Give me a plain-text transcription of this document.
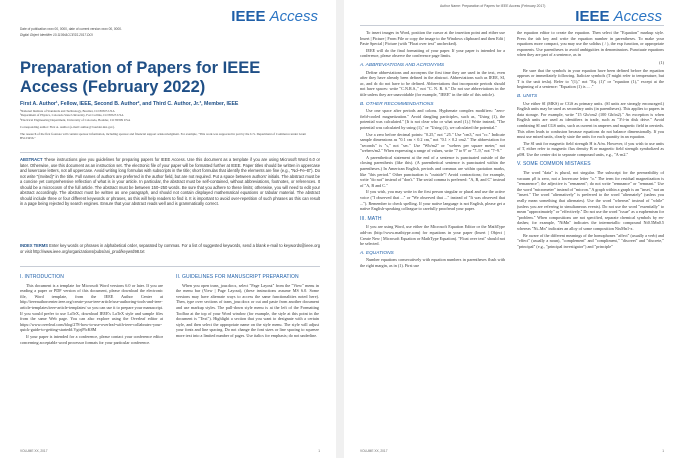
IEEE Access
Date of publication xxxx 00, 0000, date of current version xxxx 00, 0000.
Digital Object Identifier 10.1109/ACCESS.2017.DOI
Preparation of Papers for IEEE Access (February 2022)
First A. Author¹, Fellow, IEEE, Second B. Author², and Third C. Author, Jr.³, Member, IEEE
¹National Institute of Standards and Technology, Boulder, CO 80305 USA
²Department of Physics, Colorado State University, Fort Collins, CO 80523 USA
³Electrical Engineering Department, University of Colorado, Boulder, CO 80309 USA
Corresponding author: First A. Author (e-mail: author@ boulder.nist.gov).
The research of the first footnote will contain sponsor information, including sponsor and financial support acknowledgment. For example, "This work was supported in part by the U.S. Department of Commerce under Grant BS123456."
ABSTRACT These instructions give you guidelines for preparing papers for IEEE Access. Use this document as a template if you are using Microsoft Word 6.0 or later. Otherwise, use this document as an instruction set. The electronic file of your paper will be formatted further at IEEE. Paper titles should be written in uppercase and lowercase letters, not all uppercase. Avoid writing long formulas with subscripts in the title; short formulas that identify the elements are fine (e.g., "Nd–Fe–B"). Do not write "(Invited)" in the title. Full names of authors are preferred in the author field, but are not required. Put a space between authors' initials. The abstract must be a concise yet comprehensive reflection of what is in your article. In particular, the abstract must be self-contained, without abbreviations, footnotes, or references. It should be a microcosm of the full article. The abstract must be between 150–250 words. Be sure that you adhere to these limits; otherwise, you will need to edit your abstract accordingly. The abstract must be written as one paragraph, and should not contain displayed mathematical equations or tabular material. The abstract should include three or four different keywords or phrases, as this will help readers to find it. It is important to avoid over-repetition of such phrases as this can result in a page being rejected by search engines. Ensure that your abstract reads well and is grammatically correct.
INDEX TERMS Enter key words or phrases in alphabetical order, separated by commas. For a list of suggested keywords, send a blank e-mail to keywords@ieee.org or visit http://www.ieee.org/organizations/pubs/ani_prod/keywrd98.txt
I. INTRODUCTION

This document is a template for Microsoft Word versions 6.0 or later. If you are reading a paper or PDF version of this document, please download the electronic file, Word template, from the IEEE Author Center at http://ieeeauthorcenter.ieee.org/create-your-ieee-article/use-authoring-tools-and-ieee-article-templates/ieee-article-templates/ so you can use it to prepare your manuscript. If you would prefer to use LaTeX, download IEEE's LaTeX style and sample files from the same Web page. You can also explore using the Overleaf editor at https://www.overleaf.com/blog/278-how-to-use-overleaf-with-ieee-collabratec-your-quick-guide-to-getting-started#.VgtrjPlcK8M

If your paper is intended for a conference, please contact your conference editor concerning acceptable word processor formats for your particular conference.

II. GUIDELINES FOR MANUSCRIPT PREPARATION

When you open trans_jour.docx, select "Page Layout" from the "View" menu in the menu bar (View | Page Layout), (these instructions assume MS 6.0. Some versions may have alternate ways to access the same functionalities noted here). Then, type over sections of trans_jour.docx or cut and paste from another document and use markup styles. The pull-down style menu is at the left of the Formatting Toolbar at the top of your Word window (for example, the style at this point in the document is "Text"). Highlight a section that you want to designate with a certain style, and then select the appropriate name on the style menu. The style will adjust your fonts and line spacing. Do not change the font sizes or line spacing to squeeze more text into a limited number of pages. Use italics for emphasis; do not underline.

VOLUME XX, 2017	1
Author Name: Preparation of Papers for IEEE Access (February 2017)
IEEE Access

To insert images in Word, position the cursor at the insertion point and either use Insert | Picture | From File or copy the image to the Windows clipboard and then Edit | Paste Special | Picture (with "Float over text" unchecked).

IEEE will do the final formatting of your paper. If your paper is intended for a conference, please observe the conference page limits.

A. ABBREVIATIONS AND ACRONYMS

Define abbreviations and acronyms the first time they are used in the text, even after they have already been defined in the abstract. Abbreviations such as IEEE, SI, ac, and dc do not have to be defined. Abbreviations that incorporate periods should not have spaces: write "C.N.R.S.," not "C. N. R. S." Do not use abbreviations in the title unless they are unavoidable (for example, "IEEE" in the title of this article).

B. OTHER RECOMMENDATIONS

Use one space after periods and colons. Hyphenate complex modifiers: "zero-field-cooled magnetization." Avoid dangling participles, such as, "Using (1), the potential was calculated." [It is not clear who or what used (1).] Write instead, "The potential was calculated by using (1)," or "Using (1), we calculated the potential."

Use a zero before decimal points: "0.25," not ".25." Use "cm3," not "cc." Indicate sample dimensions as "0.1 cm × 0.2 cm," not "0.1 × 0.2 cm2." The abbreviation for "seconds" is "s," not "sec." Use "Wb/m2" or "webers per square meter," not "webers/m2." When expressing a range of values, write "7 to 9" or "7–9," not "7~9."

A parenthetical statement at the end of a sentence is punctuated outside of the closing parenthesis (like this). (A parenthetical sentence is punctuated within the parentheses.) In American English, periods and commas are within quotation marks, like "this period." Other punctuation is "outside"! Avoid contractions; for example, write "do not" instead of "don't." The serial comma is preferred: "A, B, and C" instead of "A, B and C."

If you wish, you may write in the first person singular or plural and use the active voice ("I observed that ..." or "We observed that ..." instead of "It was observed that ..."). Remember to check spelling. If your native language is not English, please get a native English-speaking colleague to carefully proofread your paper.

III. MATH

If you are using Word, use either the Microsoft Equation Editor or the MathType add-on (http://www.mathtype.com) for equations in your paper (Insert | Object | Create New | Microsoft Equation or MathType Equation). "Float over text" should not be selected.

A. EQUATIONS

Number equations consecutively with equation numbers in parentheses flush with the right margin, as in (1). First use

the equation editor to create the equation. Then select the "Equation" markup style. Press the tab key and write the equation number in parentheses. To make your equations more compact, you may use the solidus ( / ), the exp function, or appropriate exponents. Use parentheses to avoid ambiguities in denominators. Punctuate equations when they are part of a sentence, as in

(1)

Be sure that the symbols in your equation have been defined before the equation appears or immediately following. Italicize symbols (T might refer to temperature, but T is the unit tesla). Refer to "(1)," not "Eq. (1)" or "equation (1)," except at the beginning of a sentence: "Equation (1) is ... ."

B. UNITS

Use either SI (MKS) or CGS as primary units. (SI units are strongly encouraged.) English units may be used as secondary units (in parentheses). This applies to papers in data storage. For example, write "15 Gb/cm2 (100 Gb/in2)." An exception is when English units are used as identifiers in trade, such as "3½-in disk drive." Avoid combining SI and CGS units, such as current in amperes and magnetic field in oersteds. This often leads to confusion because equations do not balance dimensionally. If you must use mixed units, clearly state the units for each quantity in an equation.

The SI unit for magnetic field strength H is A/m. However, if you wish to use units of T, either refer to magnetic flux density B or magnetic field strength symbolized as μ0H. Use the center dot to separate compound units, e.g., "A·m2."

V. SOME COMMON MISTAKES

The word "data" is plural, not singular. The subscript for the permeability of vacuum μ0 is zero, not a lowercase letter "o." The term for residual magnetization is "remanence"; the adjective is "remanent"; do not write "remnance" or "remnant." Use the word "micrometer" instead of "micron." A graph within a graph is an "inset," not an "insert." The word "alternatively" is preferred to the word "alternately" (unless you really mean something that alternates). Use the word "whereas" instead of "while" (unless you are referring to simultaneous events). Do not use the word "essentially" to mean "approximately" or "effectively." Do not use the word "issue" as a euphemism for "problem." When compositions are not specified, separate chemical symbols by en-dashes; for example, "NiMn" indicates the intermetallic compound Ni0.5Mn0.5 whereas "Ni–Mn" indicates an alloy of some composition NixMn1-x.

Be aware of the different meanings of the homophones "affect" (usually a verb) and "effect" (usually a noun), "complement" and "compliment," "discreet" and "discrete," "principal" (e.g., "principal investigator") and "principle"

VOLUME XX, 2017	1
